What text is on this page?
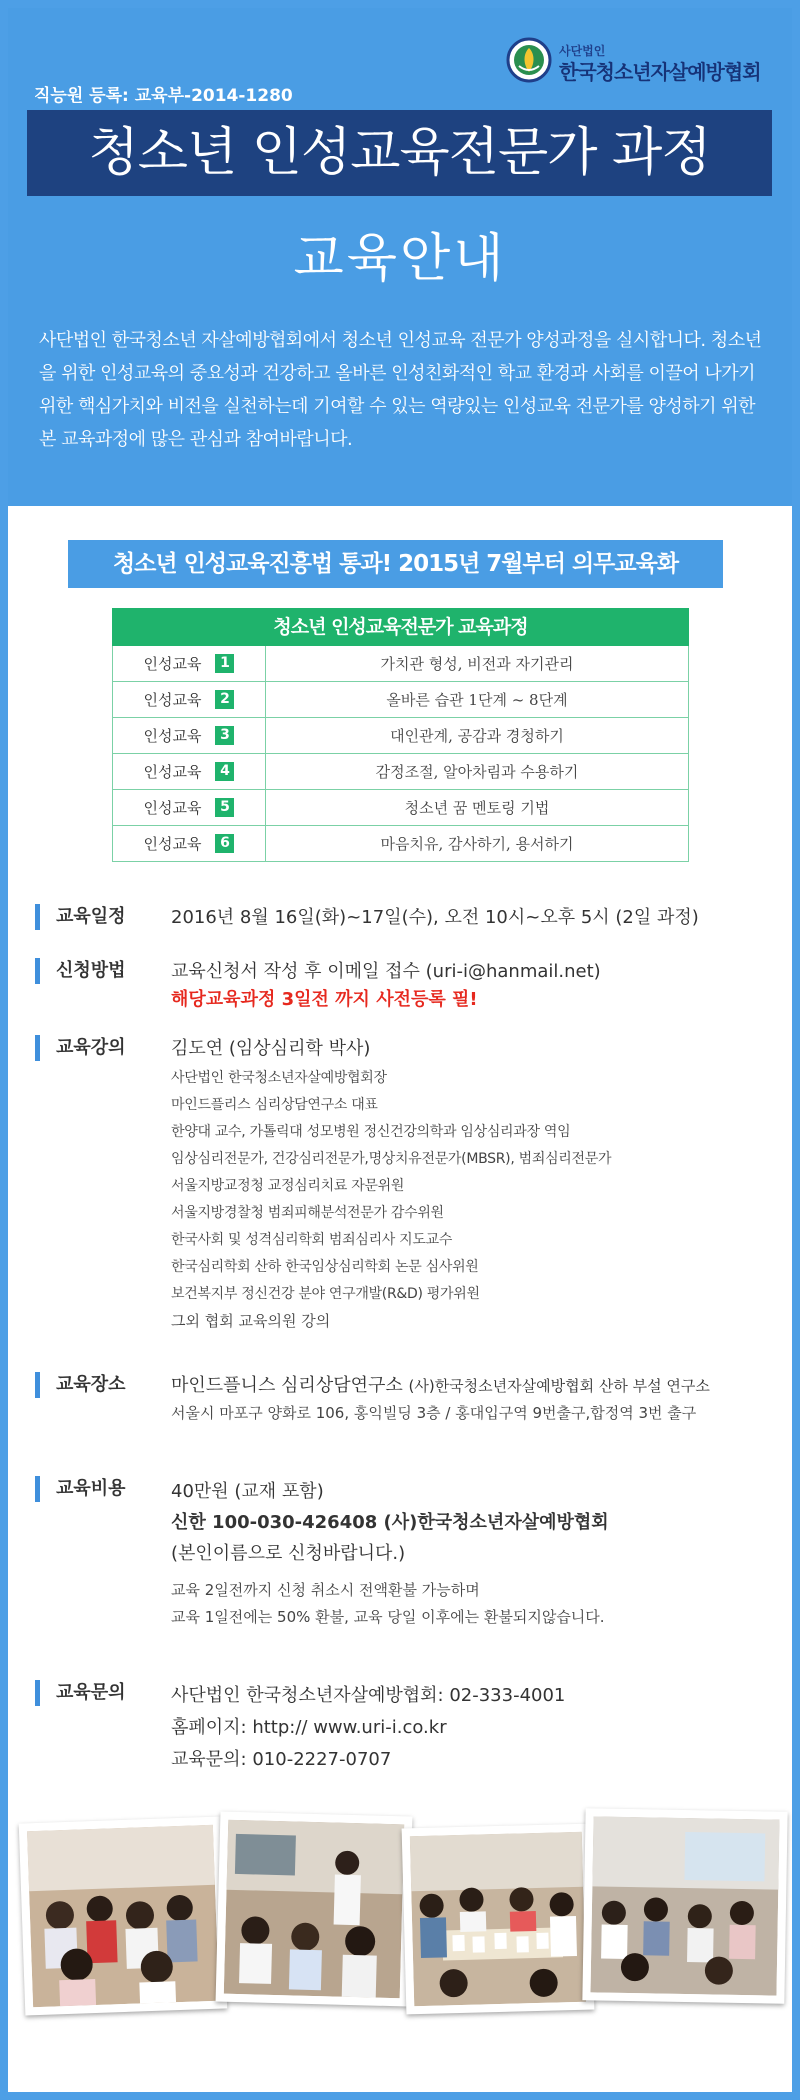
사단법인
한국청소년자살예방협회
직능원 등록: 교육부-2014-1280
청소년 인성교육전문가 과정
교육안내

사단법인 한국청소년 자살예방협회에서 청소년 인성교육 전문가 양성과정을 실시합니다. 청소년을 위한 인성교육의 중요성과 건강하고 올바른 인성친화적인 학교 환경과 사회를 이끌어 나가기 위한 핵심가치와 비전을 실천하는데 기여할 수 있는 역량있는 인성교육 전문가를 양성하기 위한 본 교육과정에 많은 관심과 참여바랍니다.

청소년 인성교육진흥법 통과! 2015년 7월부터 의무교육화
청소년 인성교육전문가 교육과정
인성교육	1	가치관 형성, 비전과 자기관리
인성교육	2	올바른 습관 1단계 ~ 8단계
인성교육	3	대인관계, 공감과 경청하기
인성교육	4	감정조절, 알아차림과 수용하기
인성교육	5	청소년 꿈 멘토링 기법
인성교육	6	마음치유, 감사하기, 용서하기
교육일정	2016년 8월 16일(화)~17일(수), 오전 10시~오후 5시 (2일 과정)
신청방법	교육신청서 작성 후 이메일 접수 (uri-i@hanmail.net)
해당교육과정 3일전 까지 사전등록 필!
교육강의	김도연 (임상심리학 박사)
사단법인 한국청소년자살예방협회장
마인드플리스 심리상담연구소 대표
한양대 교수, 가톨릭대 성모병원 정신건강의학과 임상심리과장 역임
임상심리전문가, 건강심리전문가,명상치유전문가(MBSR), 범죄심리전문가
서울지방교정청 교정심리치료 자문위원
서울지방경찰청 범죄피해분석전문가 감수위원
한국사회 및 성격심리학회 범죄심리사 지도교수
한국심리학회 산하 한국임상심리학회 논문 심사위원
보건복지부 정신건강 분야 연구개발(R&D) 평가위원
그외 협회 교육의원 강의
교육장소	마인드플니스 심리상담연구소 (사)한국청소년자살예방협회 산하 부설 연구소
서울시 마포구 양화로 106, 홍익빌딩 3층 / 홍대입구역 9번출구,합정역 3번 출구
교육비용	40만원 (교재 포함)
신한 100-030-426408 (사)한국청소년자살예방협회
(본인이름으로 신청바랍니다.)
교육 2일전까지 신청 취소시 전액환불 가능하며
교육 1일전에는 50% 환불, 교육 당일 이후에는 환불되지않습니다.
교육문의	사단법인 한국청소년자살예방협회: 02-333-4001
홈페이지: http:// www.uri-i.co.kr
교육문의: 010-2227-0707
